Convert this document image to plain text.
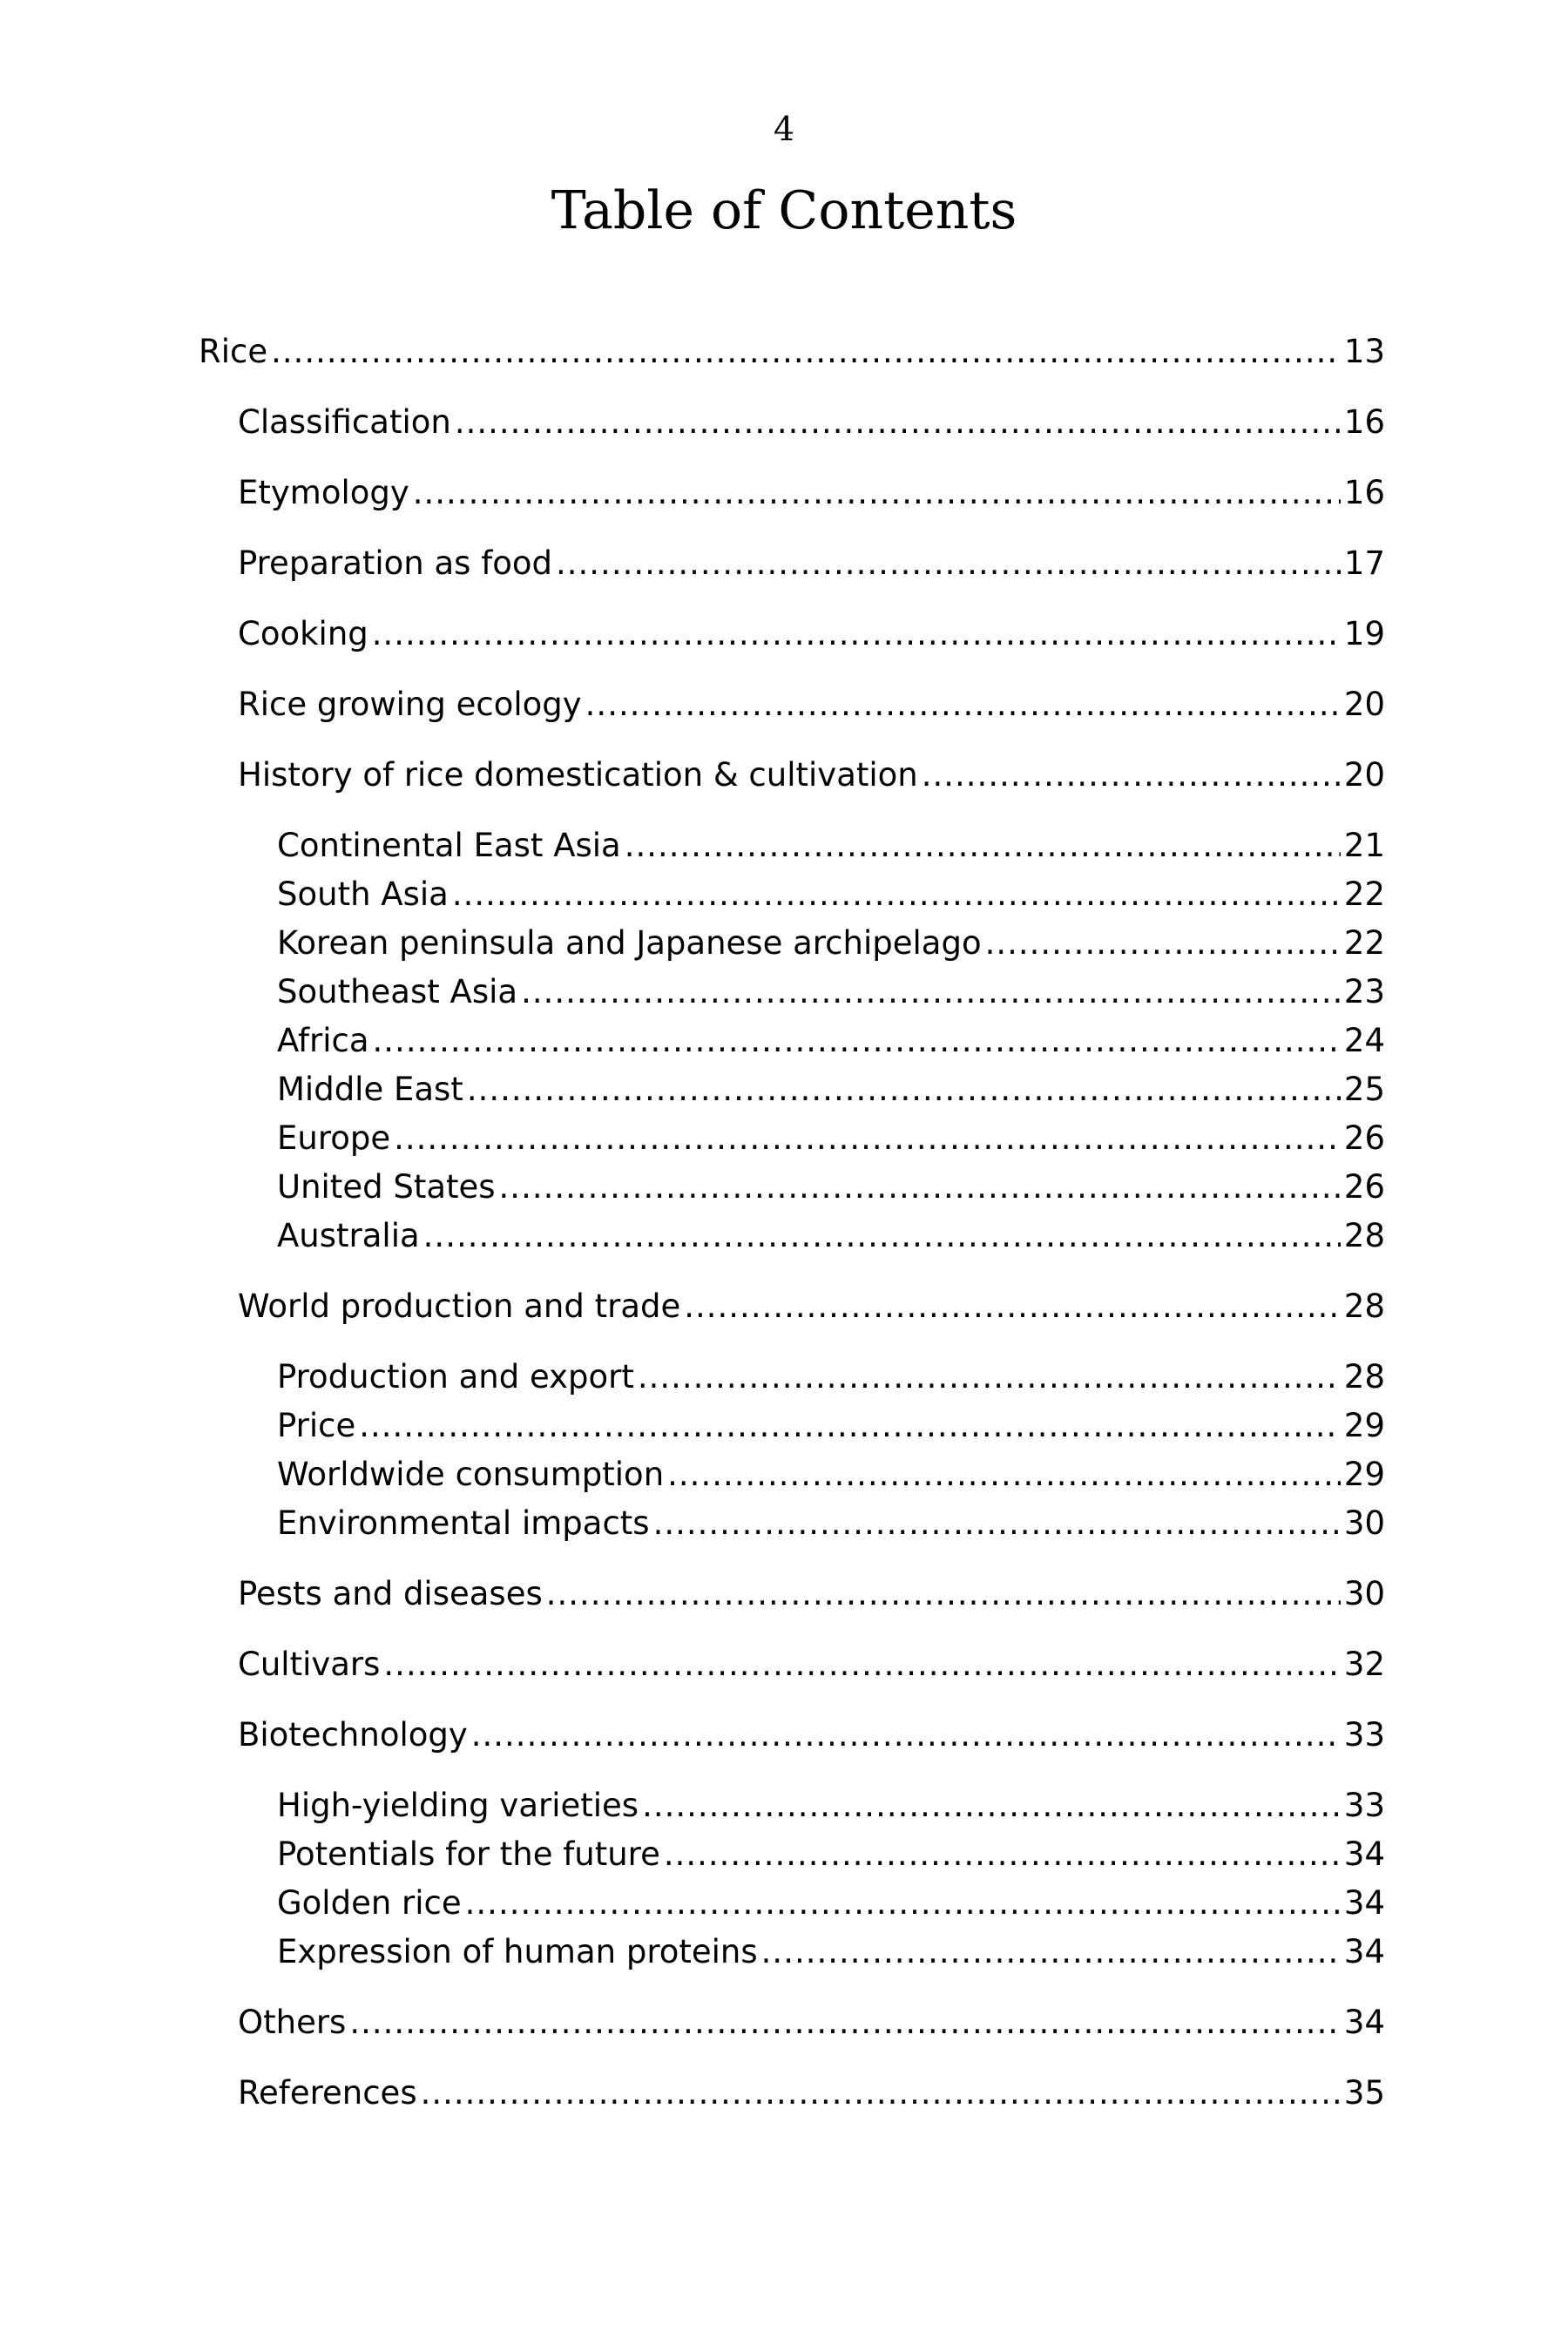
4
Table of Contents
Rice .....	13
Classification .....	16
Etymology .....	16
Preparation as food .....	17
Cooking .....	19
Rice growing ecology .....	20
History of rice domestication & cultivation .....	20
Continental East Asia .....	21
South Asia .....	22
Korean peninsula and Japanese archipelago .....	22
Southeast Asia .....	23
Africa .....	24
Middle East .....	25
Europe .....	26
United States .....	26
Australia .....	28
World production and trade .....	28
Production and export .....	28
Price .....	29
Worldwide consumption .....	29
Environmental impacts .....	30
Pests and diseases .....	30
Cultivars .....	32
Biotechnology .....	33
High-yielding varieties .....	33
Potentials for the future .....	34
Golden rice .....	34
Expression of human proteins .....	34
Others .....	34
References .....	35
